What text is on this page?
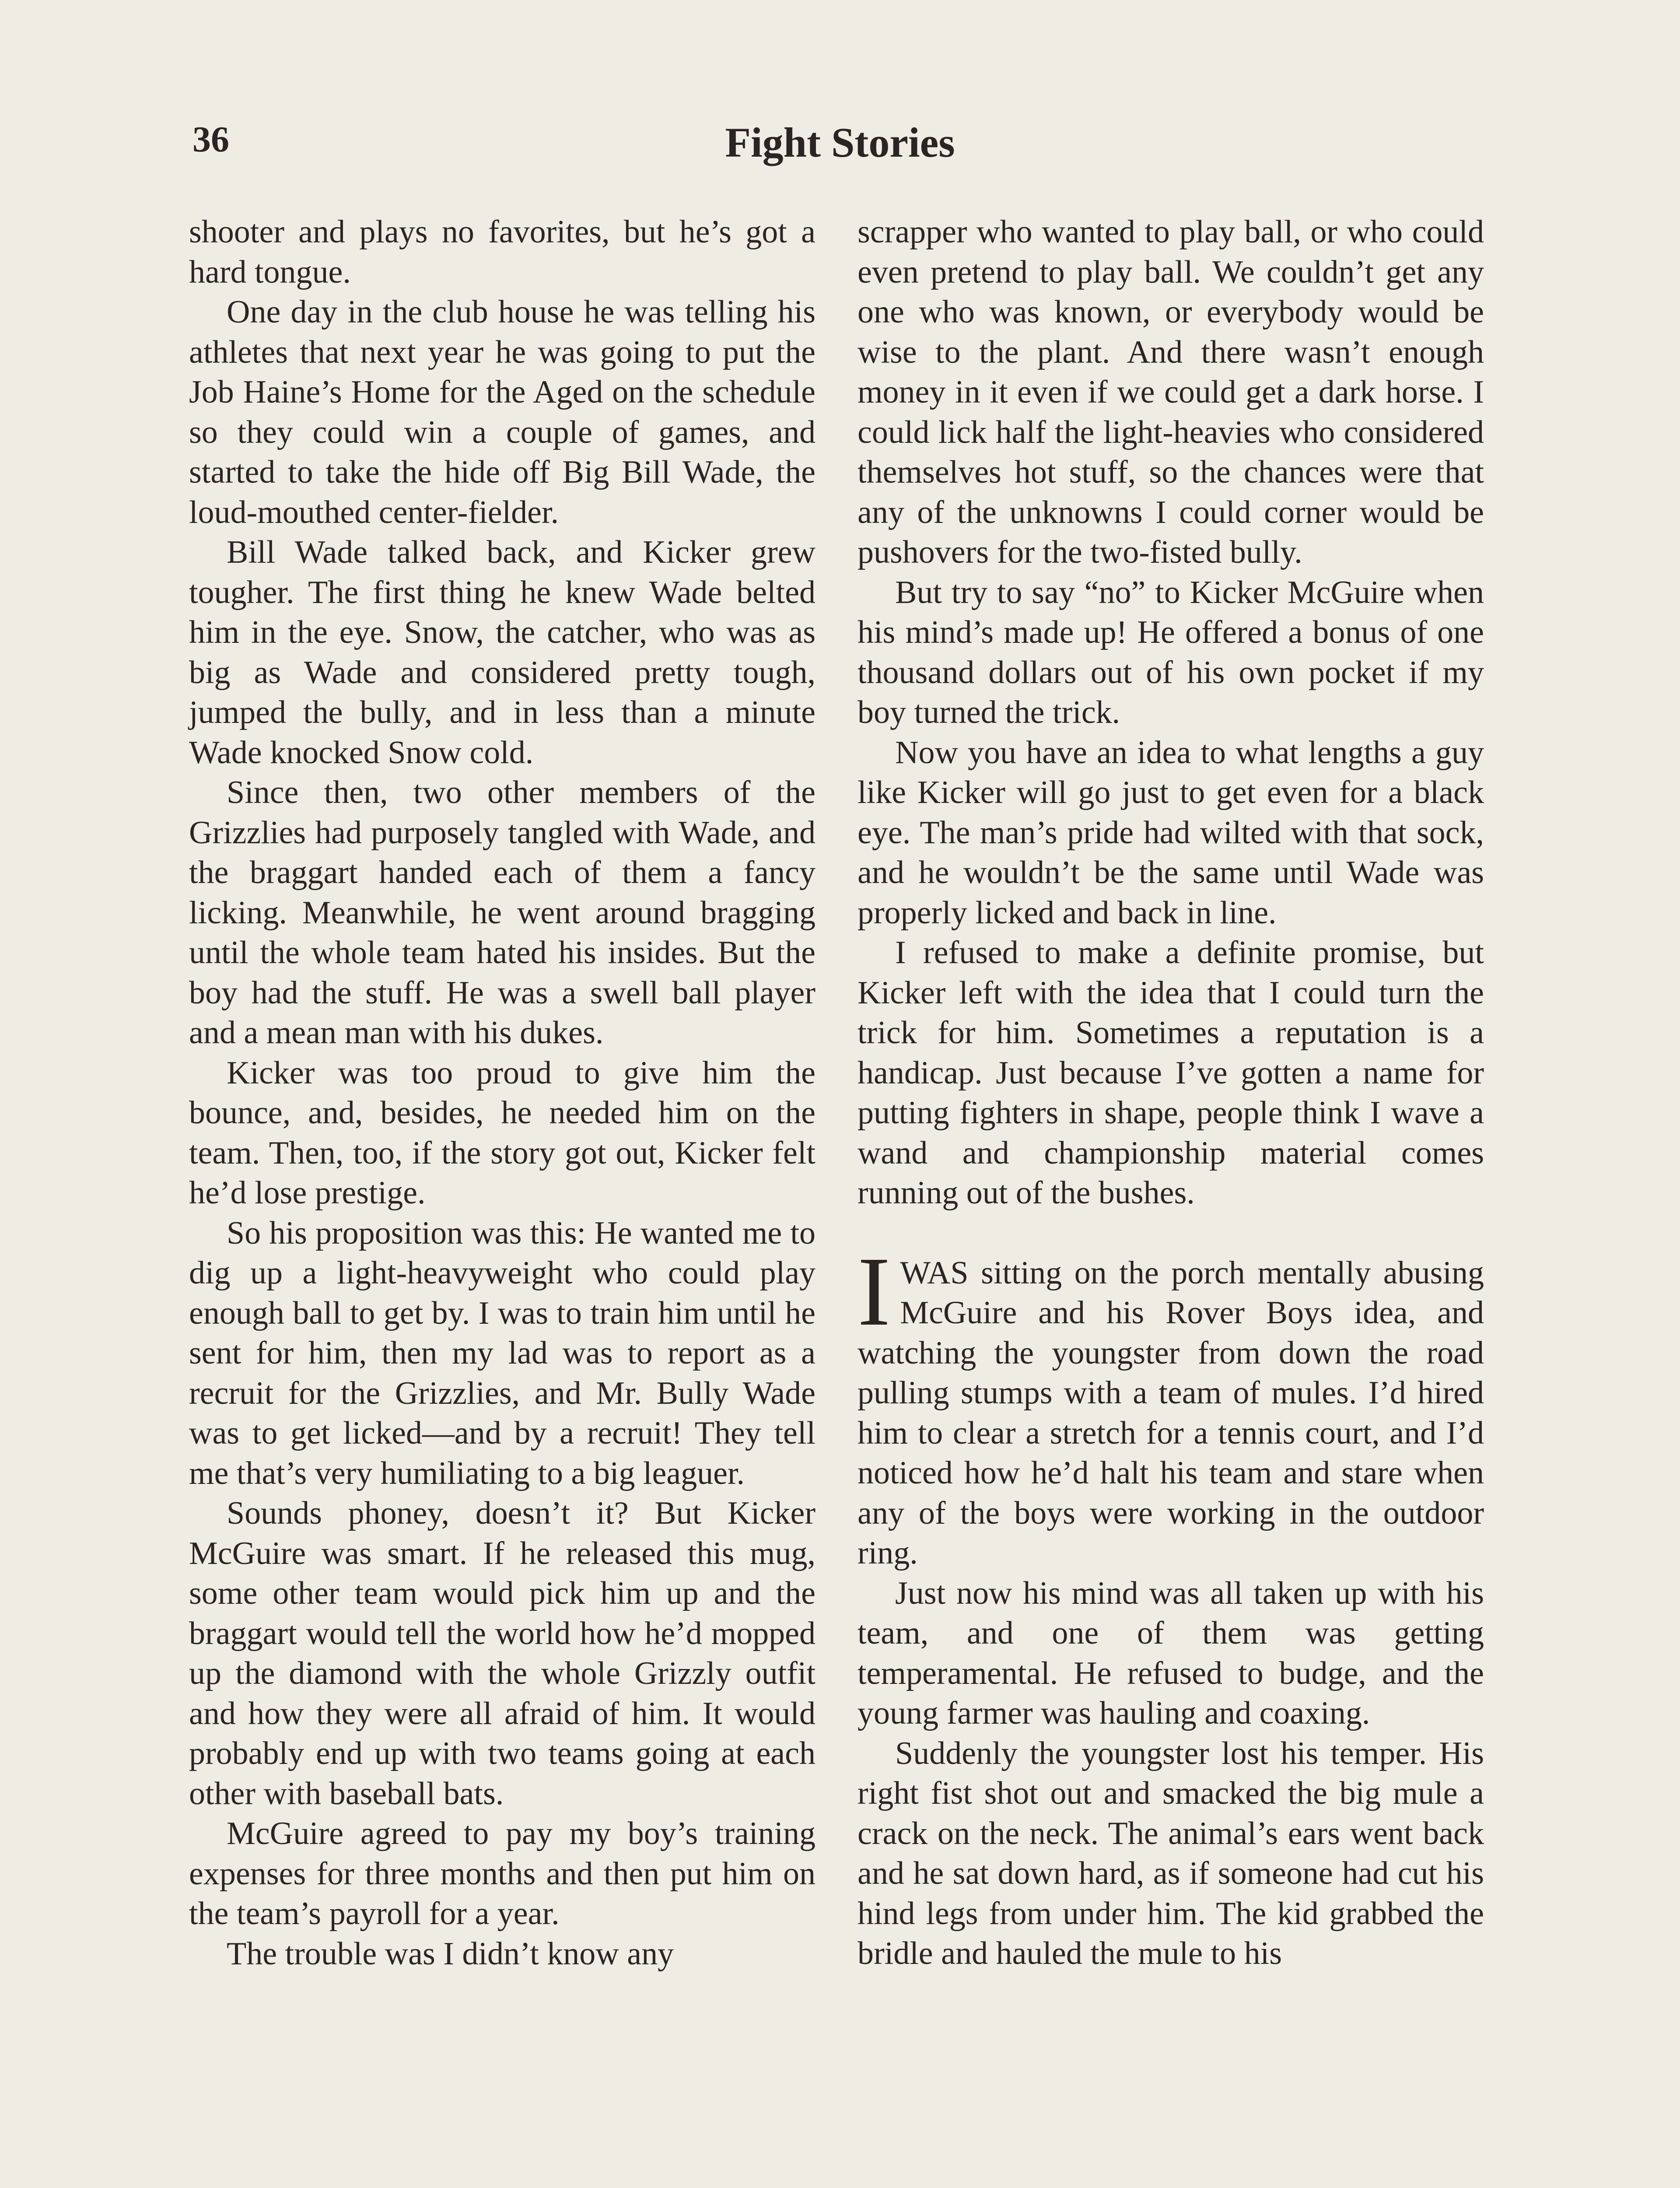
36	Fight Stories

shooter and plays no favorites, but he’s got a hard tongue.

One day in the club house he was telling his athletes that next year he was going to put the Job Haine’s Home for the Aged on the schedule so they could win a couple of games, and started to take the hide off Big Bill Wade, the loud-mouthed center-fielder.

Bill Wade talked back, and Kicker grew tougher. The first thing he knew Wade belted him in the eye. Snow, the catcher, who was as big as Wade and considered pretty tough, jumped the bully, and in less than a minute Wade knocked Snow cold.

Since then, two other members of the Grizzlies had purposely tangled with Wade, and the braggart handed each of them a fancy licking. Meanwhile, he went around bragging until the whole team hated his insides. But the boy had the stuff. He was a swell ball player and a mean man with his dukes.

Kicker was too proud to give him the bounce, and, besides, he needed him on the team. Then, too, if the story got out, Kicker felt he’d lose prestige.

So his proposition was this: He wanted me to dig up a light-heavyweight who could play enough ball to get by. I was to train him until he sent for him, then my lad was to report as a recruit for the Grizzlies, and Mr. Bully Wade was to get licked—and by a recruit! They tell me that’s very humiliating to a big leaguer.

Sounds phoney, doesn’t it? But Kicker McGuire was smart. If he released this mug, some other team would pick him up and the braggart would tell the world how he’d mopped up the diamond with the whole Grizzly outfit and how they were all afraid of him. It would probably end up with two teams going at each other with baseball bats.

McGuire agreed to pay my boy’s training expenses for three months and then put him on the team’s payroll for a year.

The trouble was I didn’t know any

scrapper who wanted to play ball, or who could even pretend to play ball. We couldn’t get any one who was known, or everybody would be wise to the plant. And there wasn’t enough money in it even if we could get a dark horse. I could lick half the light-heavies who considered themselves hot stuff, so the chances were that any of the unknowns I could corner would be pushovers for the two-fisted bully.

But try to say “no” to Kicker McGuire when his mind’s made up! He offered a bonus of one thousand dollars out of his own pocket if my boy turned the trick.

Now you have an idea to what lengths a guy like Kicker will go just to get even for a black eye. The man’s pride had wilted with that sock, and he wouldn’t be the same until Wade was properly licked and back in line.

I refused to make a definite promise, but Kicker left with the idea that I could turn the trick for him. Sometimes a reputation is a handicap. Just because I’ve gotten a name for putting fighters in shape, people think I wave a wand and championship material comes running out of the bushes.

I WAS sitting on the porch mentally abusing McGuire and his Rover Boys idea, and watching the youngster from down the road pulling stumps with a team of mules. I’d hired him to clear a stretch for a tennis court, and I’d noticed how he’d halt his team and stare when any of the boys were working in the outdoor ring.

Just now his mind was all taken up with his team, and one of them was getting temperamental. He refused to budge, and the young farmer was hauling and coaxing.

Suddenly the youngster lost his temper. His right fist shot out and smacked the big mule a crack on the neck. The animal’s ears went back and he sat down hard, as if someone had cut his hind legs from under him. The kid grabbed the bridle and hauled the mule to his
